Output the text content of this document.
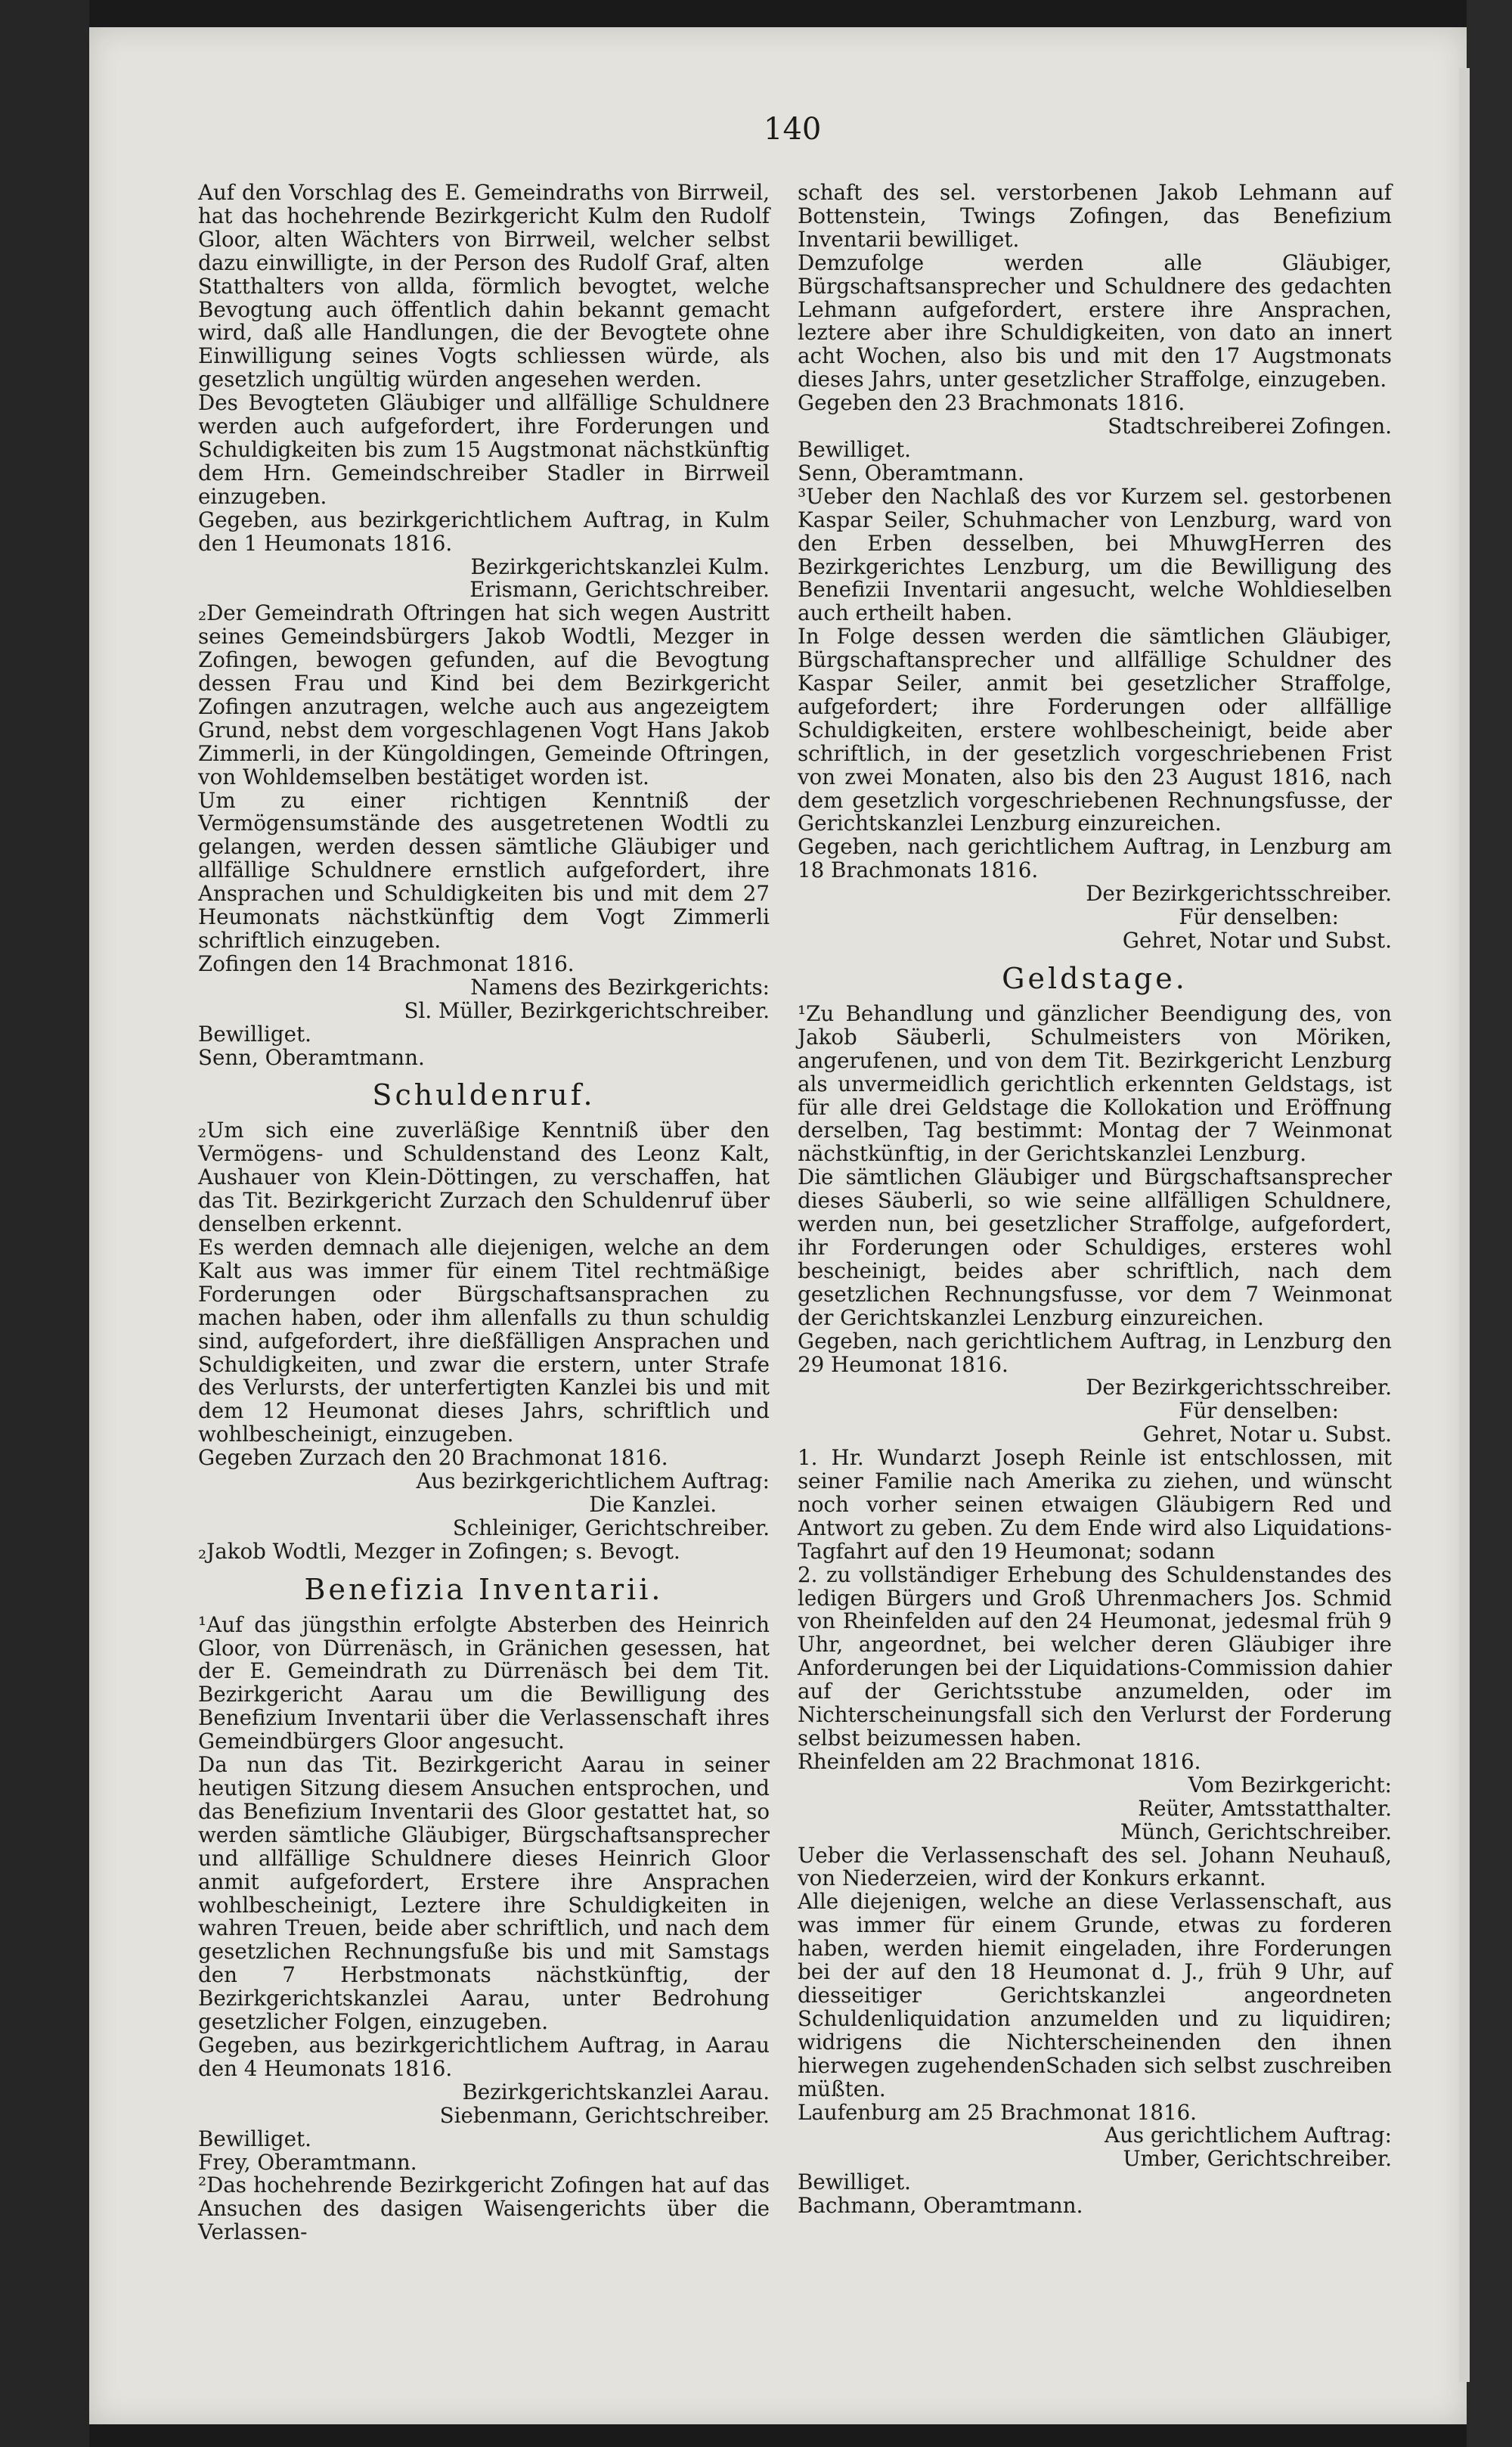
140
Auf den Vorschlag des E. Gemeindraths von Birrweil, hat das hochehrende Bezirkgericht Kulm den Rudolf Gloor, alten Wächters von Birrweil, welcher selbst dazu einwilligte, in der Person des Rudolf Graf, alten Statthalters von allda, förmlich bevogtet, welche Bevogtung auch öffentlich dahin bekannt gemacht wird, daß alle Handlungen, die der Bevogtete ohne Einwilligung seines Vogts schliessen würde, als gesetzlich ungültig würden angesehen werden.
Des Bevogteten Gläubiger und allfällige Schuldnere werden auch aufgefordert, ihre Forderungen und Schuldigkeiten bis zum 15 Augstmonat nächstkünftig dem Hrn. Gemeindschreiber Stadler in Birrweil einzugeben.
Gegeben, aus bezirkgerichtlichem Auftrag, in Kulm den 1 Heumonats 1816.
Bezirkgerichtskanzlei Kulm.
Erismann, Gerichtschreiber.
₂Der Gemeindrath Oftringen hat sich wegen Austritt seines Gemeindsbürgers Jakob Wodtli, Mezger in Zofingen, bewogen gefunden, auf die Bevogtung dessen Frau und Kind bei dem Bezirkgericht Zofingen anzutragen, welche auch aus angezeigtem Grund, nebst dem vorgeschlagenen Vogt Hans Jakob Zimmerli, in der Küngoldingen, Gemeinde Oftringen, von Wohldemselben bestätiget worden ist.
Um zu einer richtigen Kenntniß der Vermögensumstände des ausgetretenen Wodtli zu gelangen, werden dessen sämtliche Gläubiger und allfällige Schuldnere ernstlich aufgefordert, ihre Ansprachen und Schuldigkeiten bis und mit dem 27 Heumonats nächstkünftig dem Vogt Zimmerli schriftlich einzugeben.
Zofingen den 14 Brachmonat 1816.
Namens des Bezirkgerichts:
Sl. Müller, Bezirkgerichtschreiber.
Bewilliget.
Senn, Oberamtmann.
Schuldenruf.
₂Um sich eine zuverläßige Kenntniß über den Vermögens- und Schuldenstand des Leonz Kalt, Aushauer von Klein-Döttingen, zu verschaffen, hat das Tit. Bezirkgericht Zurzach den Schuldenruf über denselben erkennt.
Es werden demnach alle diejenigen, welche an dem Kalt aus was immer für einem Titel rechtmäßige Forderungen oder Bürgschaftsansprachen zu machen haben, oder ihm allenfalls zu thun schuldig sind, aufgefordert, ihre dießfälligen Ansprachen und Schuldigkeiten, und zwar die erstern, unter Strafe des Verlursts, der unterfertigten Kanzlei bis und mit dem 12 Heumonat dieses Jahrs, schriftlich und wohlbescheinigt, einzugeben.
Gegeben Zurzach den 20 Brachmonat 1816.
Aus bezirkgerichtlichem Auftrag:
Die Kanzlei.
Schleiniger, Gerichtschreiber.
₂Jakob Wodtli, Mezger in Zofingen; s. Bevogt.
Benefizia Inventarii.
¹Auf das jüngsthin erfolgte Absterben des Heinrich Gloor, von Dürrenäsch, in Gränichen gesessen, hat der E. Gemeindrath zu Dürrenäsch bei dem Tit. Bezirkgericht Aarau um die Bewilligung des Benefizium Inventarii über die Verlassenschaft ihres Gemeindbürgers Gloor angesucht.
Da nun das Tit. Bezirkgericht Aarau in seiner heutigen Sitzung diesem Ansuchen entsprochen, und das Benefizium Inventarii des Gloor gestattet hat, so werden sämtliche Gläubiger, Bürgschaftsansprecher und allfällige Schuldnere dieses Heinrich Gloor anmit aufgefordert, Erstere ihre Ansprachen wohlbescheinigt, Leztere ihre Schuldigkeiten in wahren Treuen, beide aber schriftlich, und nach dem gesetzlichen Rechnungsfuße bis und mit Samstags den 7 Herbstmonats nächstkünftig, der Bezirkgerichtskanzlei Aarau, unter Bedrohung gesetzlicher Folgen, einzugeben.
Gegeben, aus bezirkgerichtlichem Auftrag, in Aarau den 4 Heumonats 1816.
Bezirkgerichtskanzlei Aarau.
Siebenmann, Gerichtschreiber.
Bewilliget.
Frey, Oberamtmann.
²Das hochehrende Bezirkgericht Zofingen hat auf das Ansuchen des dasigen Waisengerichts über die Verlassen-
schaft des sel. verstorbenen Jakob Lehmann auf Bottenstein, Twings Zofingen, das Benefizium Inventarii bewilliget.
Demzufolge werden alle Gläubiger, Bürgschaftsansprecher und Schuldnere des gedachten Lehmann aufgefordert, erstere ihre Ansprachen, leztere aber ihre Schuldigkeiten, von dato an innert acht Wochen, also bis und mit den 17 Augstmonats dieses Jahrs, unter gesetzlicher Straffolge, einzugeben.
Gegeben den 23 Brachmonats 1816.
Stadtschreiberei Zofingen.
Bewilliget.
Senn, Oberamtmann.
³Ueber den Nachlaß des vor Kurzem sel. gestorbenen Kaspar Seiler, Schuhmacher von Lenzburg, ward von den Erben desselben, bei MhuwgHerren des Bezirkgerichtes Lenzburg, um die Bewilligung des Benefizii Inventarii angesucht, welche Wohldieselben auch ertheilt haben.
In Folge dessen werden die sämtlichen Gläubiger, Bürgschaftansprecher und allfällige Schuldner des Kaspar Seiler, anmit bei gesetzlicher Straffolge, aufgefordert; ihre Forderungen oder allfällige Schuldigkeiten, erstere wohlbescheinigt, beide aber schriftlich, in der gesetzlich vorgeschriebenen Frist von zwei Monaten, also bis den 23 August 1816, nach dem gesetzlich vorgeschriebenen Rechnungsfusse, der Gerichtskanzlei Lenzburg einzureichen.
Gegeben, nach gerichtlichem Auftrag, in Lenzburg am 18 Brachmonats 1816.
Der Bezirkgerichtsschreiber.
Für denselben:
Gehret, Notar und Subst.
Geldstage.
¹Zu Behandlung und gänzlicher Beendigung des, von Jakob Säuberli, Schulmeisters von Möriken, angerufenen, und von dem Tit. Bezirkgericht Lenzburg als unvermeidlich gerichtlich erkennten Geldstags, ist für alle drei Geldstage die Kollokation und Eröffnung derselben, Tag bestimmt: Montag der 7 Weinmonat nächstkünftig, in der Gerichtskanzlei Lenzburg.
Die sämtlichen Gläubiger und Bürgschaftsansprecher dieses Säuberli, so wie seine allfälligen Schuldnere, werden nun, bei gesetzlicher Straffolge, aufgefordert, ihr Forderungen oder Schuldiges, ersteres wohl bescheinigt, beides aber schriftlich, nach dem gesetzlichen Rechnungsfusse, vor dem 7 Weinmonat der Gerichtskanzlei Lenzburg einzureichen.
Gegeben, nach gerichtlichem Auftrag, in Lenzburg den 29 Heumonat 1816.
Der Bezirkgerichtsschreiber.
Für denselben:
Gehret, Notar u. Subst.
1. Hr. Wundarzt Joseph Reinle ist entschlossen, mit seiner Familie nach Amerika zu ziehen, und wünscht noch vorher seinen etwaigen Gläubigern Red und Antwort zu geben. Zu dem Ende wird also Liquidations-Tagfahrt auf den 19 Heumonat; sodann
2. zu vollständiger Erhebung des Schuldenstandes des ledigen Bürgers und Groß Uhrenmachers Jos. Schmid von Rheinfelden auf den 24 Heumonat, jedesmal früh 9 Uhr, angeordnet, bei welcher deren Gläubiger ihre Anforderungen bei der Liquidations-Commission dahier auf der Gerichtsstube anzumelden, oder im Nichterscheinungsfall sich den Verlurst der Forderung selbst beizumessen haben.
Rheinfelden am 22 Brachmonat 1816.
Vom Bezirkgericht:
Reüter, Amtsstatthalter.
Münch, Gerichtschreiber.
Ueber die Verlassenschaft des sel. Johann Neuhauß, von Niederzeien, wird der Konkurs erkannt.
Alle diejenigen, welche an diese Verlassenschaft, aus was immer für einem Grunde, etwas zu forderen haben, werden hiemit eingeladen, ihre Forderungen bei der auf den 18 Heumonat d. J., früh 9 Uhr, auf diesseitiger Gerichtskanzlei angeordneten Schuldenliquidation anzumelden und zu liquidiren; widrigens die Nichterscheinenden den ihnen hierwegen zugehendenSchaden sich selbst zuschreiben müßten.
Laufenburg am 25 Brachmonat 1816.
Aus gerichtlichem Auftrag:
Umber, Gerichtschreiber.
Bewilliget.
Bachmann, Oberamtmann.
